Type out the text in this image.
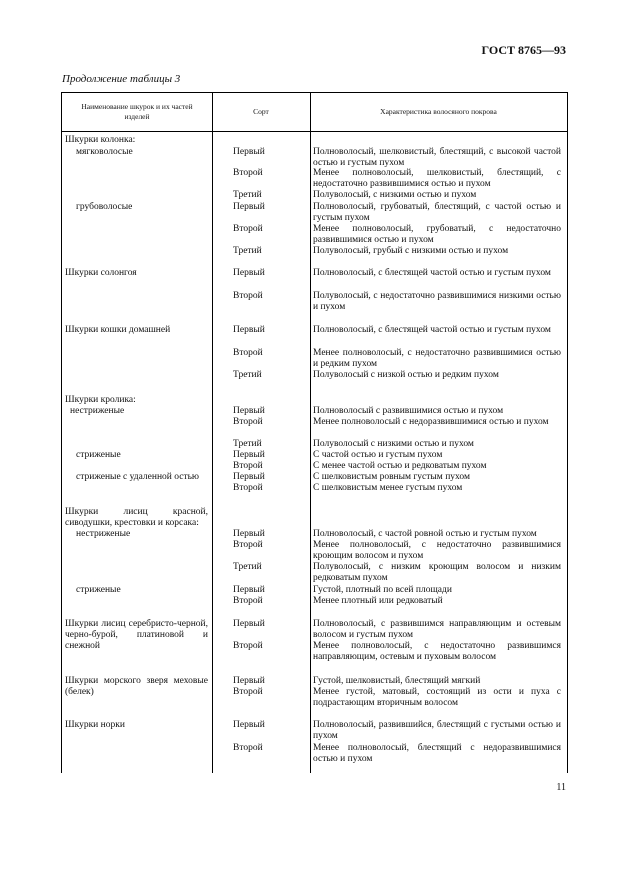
ГОСТ 8765—93
Продолжение таблицы 3
Наименование шкурок и их частей изделей
Сорт	Характеристика волосяного покрова
Шкурки колонка:
мягковолосые	Первый	Полноволосый, шелковистый, блестящий, с высокой частой остью и густым пухом
Второй	Менее полноволосый, шелковистый, блестящий, с недостаточно развившимися остью и пухом
Третий	Полуволосый, с низкими остью и пухом
грубоволосые	Первый	Полноволосый, грубоватый, блестящий, с частой остью и густым пухом
Второй	Менее полноволосый, грубоватый, с недостаточно развившимися остью и пухом
Третий	Полуволосый, грубый с низкими остью и пухом
Шкурки солонгоя	Первый	Полноволосый, с блестящей частой остью и густым пухом
Второй	Полуволосый, с недостаточно развившимися низкими остью и пухом
Шкурки кошки домашней	Первый	Полноволосый, с блестящей частой остью и густым пухом
Второй	Менее полноволосый, с недостаточно развившимися остью и редким пухом
Третий	Полуволосый с низкой остью и редким пухом
Шкурки кролика:
нестриженые	Первый	Полноволосый с развившимися остью и пухом
Второй	Менее полноволосый с недоразвившимися остью и пухом
Третий	Полуволосый с низкими остью и пухом
стриженые	Первый	С частой остью и густым пухом
Второй	С менее частой остью и редковатым пухом
стриженые с удаленной остью	Первый	С шелковистым ровным густым пухом
Второй	С шелковистым менее густым пухом
Шкурки лисиц красной, сиводушки, крестовки и корсака:
нестриженые	Первый	Полноволосый, с частой ровной остью и густым пухом
Второй	Менее полноволосый, с недостаточно развившимися кроющим волосом и пухом
Третий	Полуволосый, с низким кроющим волосом и низким редковатым пухом
стриженые	Первый	Густой, плотный по всей площади
Второй	Менее плотный или редковатый
Шкурки лисиц серебристо-черной, черно-бурой, платиновой и снежной
Первый	Полноволосый, с развившимся направляющим и остевым волосом и густым пухом
Второй	Менее полноволосый, с недостаточно развившимся направляющим, остевым и пуховым волосом
Шкурки морского зверя меховые (белек)
Первый	Густой, шелковистый, блестящий мягкий
Второй	Менее густой, матовый, состоящий из ости и пуха с подрастающим вторичным волосом
Шкурки норки	Первый	Полноволосый, развившийся, блестящий с густыми остью и пухом
Второй	Менее полноволосый, блестящий с недоразвившимися остью и пухом
11
